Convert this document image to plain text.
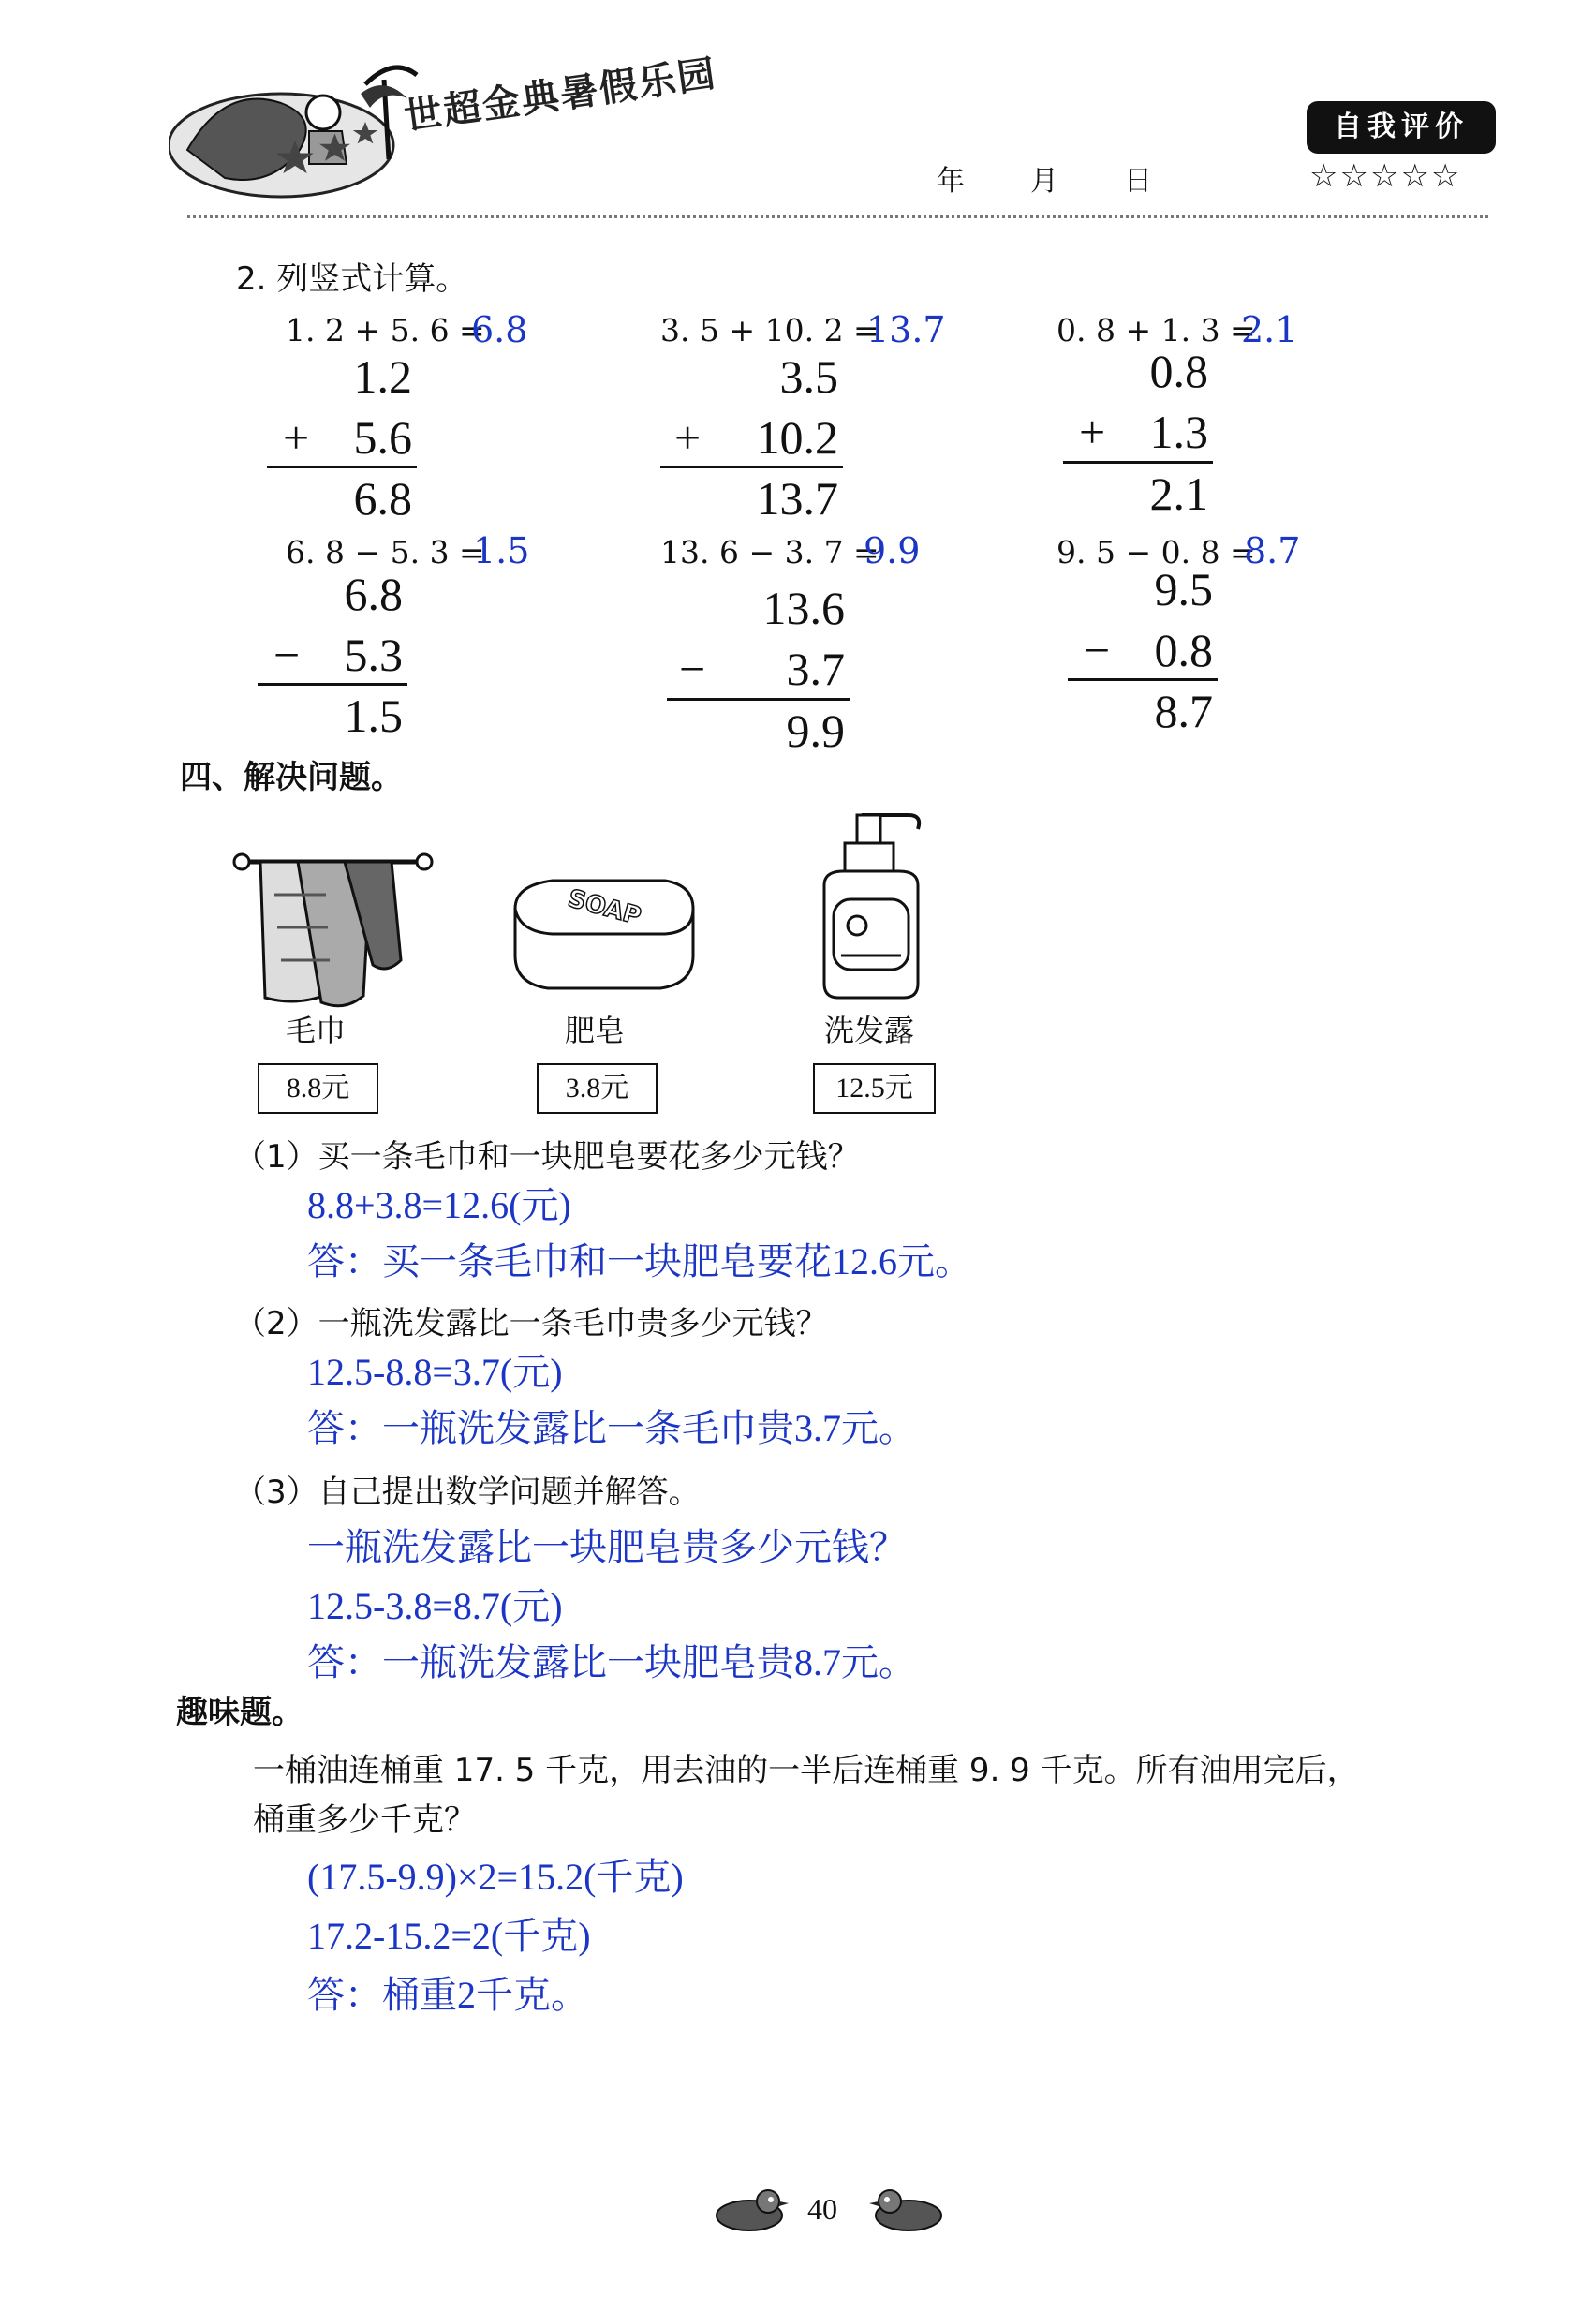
世超金典暑假乐园
年 月 日
自我评价
☆☆☆☆☆
2. 列竖式计算。
1. 2 + 5. 6 =
6.8
1.2
+ 5.6
6.8
3. 5 + 10. 2 =
13.7
3.5
+	10.2
13.7
0. 8 + 1. 3 =
2.1
0.8
+ 1.3
2.1
6. 8 − 5. 3 =
1.5
6.8
− 5.3
1.5
13. 6 − 3. 7 =
9.9
13.6
−	3.7
9.9
9. 5 − 0. 8 =
8.7
9.5
− 0.8
8.7
四、解决问题。
SOAP
毛巾	肥皂	洗发露
8.8元	3.8元	12.5元
（1）买一条毛巾和一块肥皂要花多少元钱？
8.8+3.8=12.6(元)
答：买一条毛巾和一块肥皂要花12.6元。
（2）一瓶洗发露比一条毛巾贵多少元钱？
12.5-8.8=3.7(元)
答：一瓶洗发露比一条毛巾贵3.7元。
（3）自己提出数学问题并解答。
一瓶洗发露比一块肥皂贵多少元钱？
12.5-3.8=8.7(元)
答：一瓶洗发露比一块肥皂贵8.7元。
趣味题。
一桶油连桶重 17. 5 千克，用去油的一半后连桶重 9. 9 千克。所有油用完后，
桶重多少千克？
(17.5-9.9)×2=15.2(千克)
17.2-15.2=2(千克)
答：桶重2千克。
40
